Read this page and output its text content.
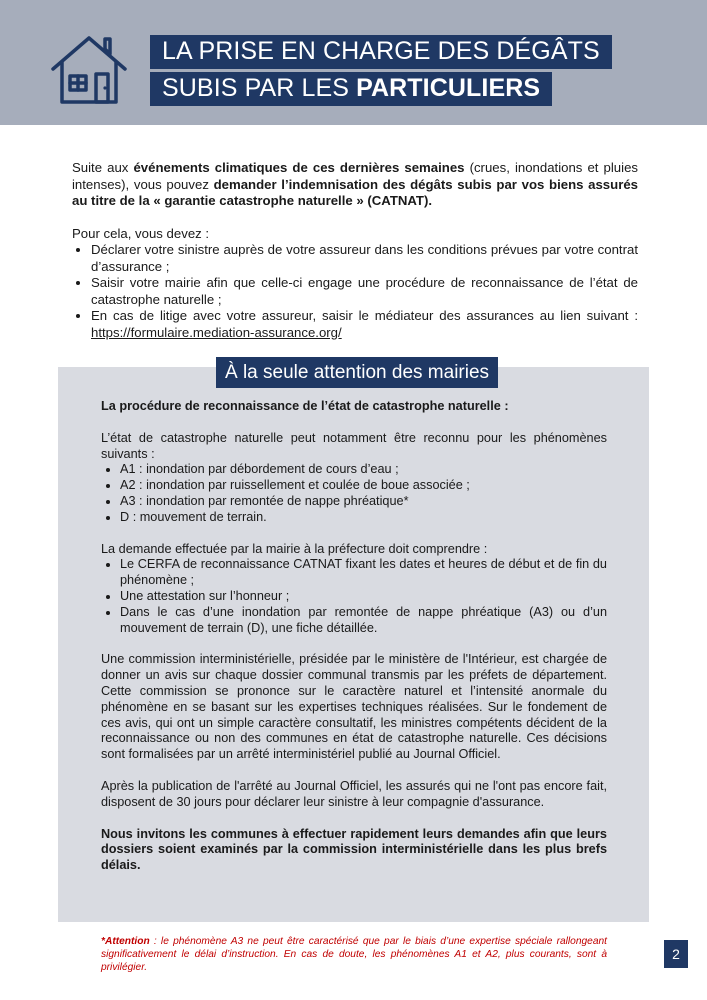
LA PRISE EN CHARGE DES DÉGÂTS
SUBIS PAR LES PARTICULIERS

Suite aux événements climatiques de ces dernières semaines (crues, inondations et pluies intenses), vous pouvez demander l’indemnisation des dégâts subis par vos biens assurés au titre de la « garantie catastrophe naturelle » (CATNAT).

Pour cela, vous devez :

• Déclarer votre sinistre auprès de votre assureur dans les conditions prévues par votre contrat d’assurance ;
• Saisir votre mairie afin que celle-ci engage une procédure de reconnaissance de l’état de catastrophe naturelle ;
• En cas de litige avec votre assureur, saisir le médiateur des assurances au lien suivant : https://formulaire.mediation-assurance.org/
À la seule attention des mairies

La procédure de reconnaissance de l’état de catastrophe naturelle :

L’état de catastrophe naturelle peut notamment être reconnu pour les phénomènes suivants :

• A1 : inondation par débordement de cours d’eau ;
• A2 : inondation par ruissellement et coulée de boue associée ;
• A3 : inondation par remontée de nappe phréatique*
• D : mouvement de terrain.

La demande effectuée par la mairie à la préfecture doit comprendre :

• Le CERFA de reconnaissance CATNAT fixant les dates et heures de début et de fin du phénomène ;
• Une attestation sur l’honneur ;
• Dans le cas d’une inondation par remontée de nappe phréatique (A3) ou d’un mouvement de terrain (D), une fiche détaillée.

Une commission interministérielle, présidée par le ministère de l'Intérieur, est chargée de donner un avis sur chaque dossier communal transmis par les préfets de département. Cette commission se prononce sur le caractère naturel et l’intensité anormale du phénomène en se basant sur les expertises techniques réalisées. Sur le fondement de ces avis, qui ont un simple caractère consultatif, les ministres compétents décident de la reconnaissance ou non des communes en état de catastrophe naturelle. Ces décisions sont formalisées par un arrêté interministériel publié au Journal Officiel.

Après la publication de l'arrêté au Journal Officiel, les assurés qui ne l'ont pas encore fait, disposent de 30 jours pour déclarer leur sinistre à leur compagnie d'assurance.

Nous invitons les communes à effectuer rapidement leurs demandes afin que leurs dossiers soient examinés par la commission interministérielle dans les plus brefs délais.

*Attention : le phénomène A3 ne peut être caractérisé que par le biais d’une expertise spéciale rallongeant significativement le délai d’instruction. En cas de doute, les phénomènes A1 et A2, plus courants, sont à privilégier.
2
